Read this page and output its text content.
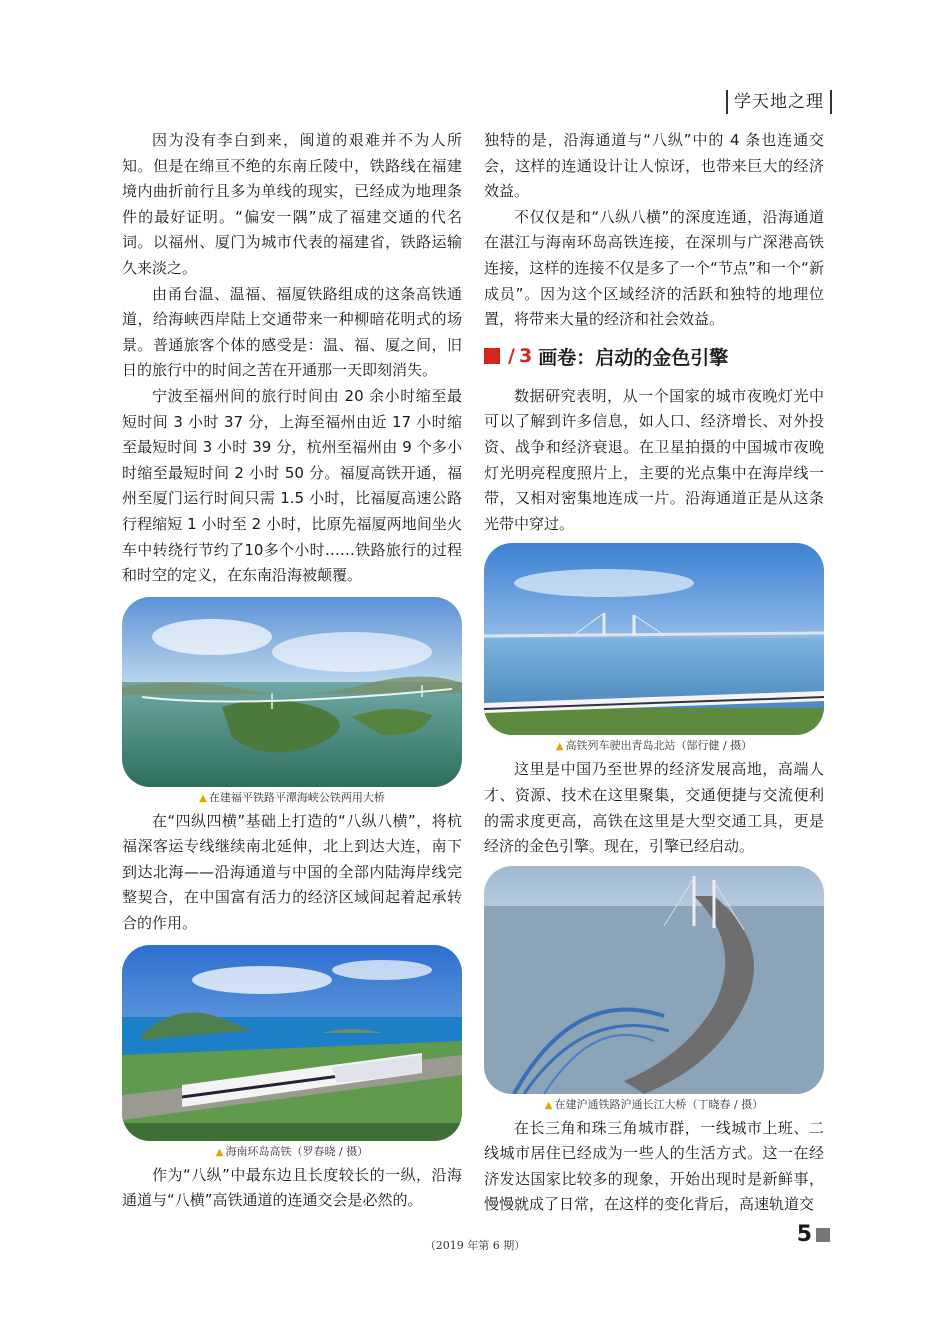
学天地之理

因为没有李白到来，闽道的艰难并不为人所知。但是在绵亘不绝的东南丘陵中，铁路线在福建境内曲折前行且多为单线的现实，已经成为地理条件的最好证明。“偏安一隅”成了福建交通的代名词。以福州、厦门为城市代表的福建省，铁路运输久来淡之。

由甬台温、温福、福厦铁路组成的这条高铁通道，给海峡西岸陆上交通带来一种柳暗花明式的场景。普通旅客个体的感受是：温、福、厦之间，旧日的旅行中的时间之苦在开通那一天即刻消失。

宁波至福州间的旅行时间由 20 余小时缩至最短时间 3 小时 37 分，上海至福州由近 17 小时缩至最短时间 3 小时 39 分，杭州至福州由 9 个多小时缩至最短时间 2 小时 50 分。福厦高铁开通，福州至厦门运行时间只需 1.5 小时，比福厦高速公路行程缩短 1 小时至 2 小时，比原先福厦两地间坐火车中转绕行节约了10多个小时……铁路旅行的过程和时空的定义，在东南沿海被颠覆。

▲ 在建福平铁路平潭海峡公铁两用大桥

在“四纵四横”基础上打造的“八纵八横”，将杭福深客运专线继续南北延伸，北上到达大连，南下到达北海——沿海通道与中国的全部内陆海岸线完整契合，在中国富有活力的经济区域间起着起承转合的作用。

▲ 海南环岛高铁（罗春晓 / 摄）

作为“八纵”中最东边且长度较长的一纵，沿海通道与“八横”高铁通道的连通交会是必然的。

独特的是，沿海通道与“八纵”中的 4 条也连通交会，这样的连通设计让人惊讶，也带来巨大的经济效益。

不仅仅是和“八纵八横”的深度连通，沿海通道在湛江与海南环岛高铁连接，在深圳与广深港高铁连接，这样的连接不仅是多了一个“节点”和一个“新成员”。因为这个区域经济的活跃和独特的地理位置，将带来大量的经济和社会效益。

/ 3 画卷：启动的金色引擎

数据研究表明，从一个国家的城市夜晚灯光中可以了解到许多信息，如人口、经济增长、对外投资、战争和经济衰退。在卫星拍摄的中国城市夜晚灯光明亮程度照片上，主要的光点集中在海岸线一带，又相对密集地连成一片。沿海通道正是从这条光带中穿过。

▲ 高铁列车驶出青岛北站（郜行健 / 摄）

这里是中国乃至世界的经济发展高地，高端人才、资源、技术在这里聚集，交通便捷与交流便利的需求度更高，高铁在这里是大型交通工具，更是经济的金色引擎。现在，引擎已经启动。

▲ 在建沪通铁路沪通长江大桥（丁晓春 / 摄）

在长三角和珠三角城市群，一线城市上班、二线城市居住已经成为一些人的生活方式。这一在经济发达国家比较多的现象，开始出现时是新鲜事，慢慢就成了日常，在这样的变化背后，高速轨道交

（2019 年第 6 期）	5
